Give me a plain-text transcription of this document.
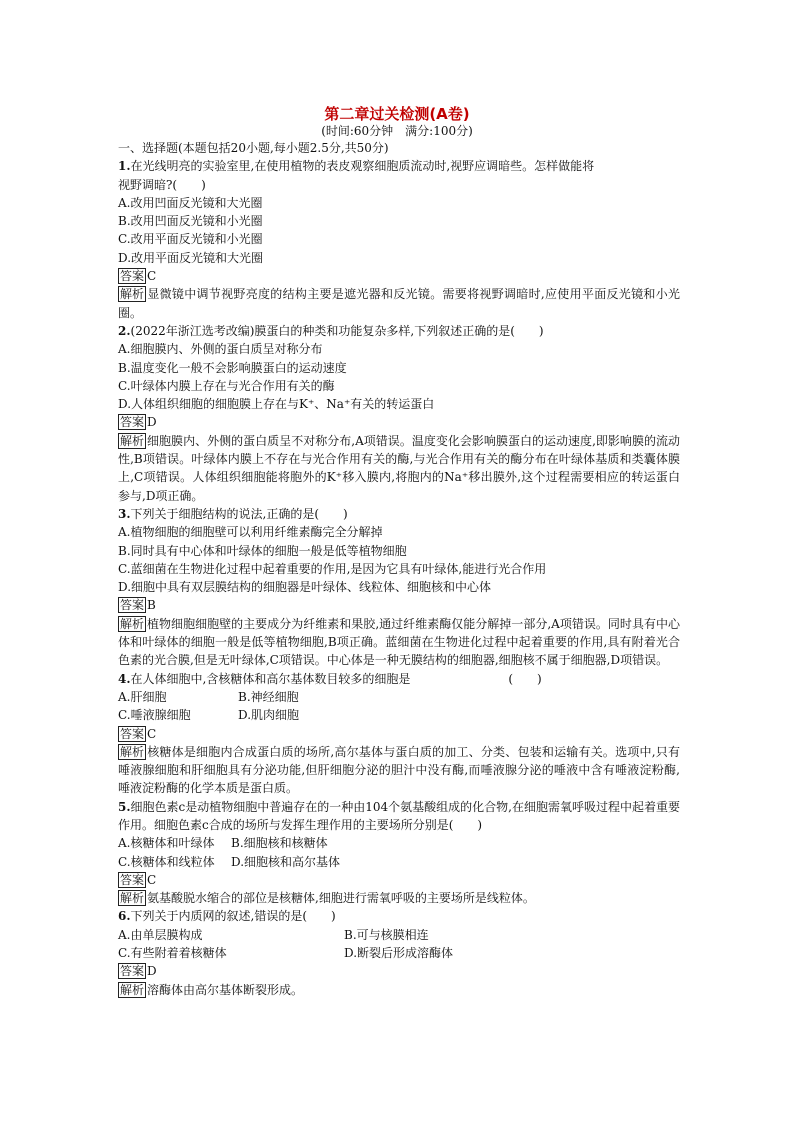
第二章过关检测(A卷)
(时间:60分钟　满分:100分)
一、选择题(本题包括20小题,每小题2.5分,共50分)
1.在光线明亮的实验室里,在使用植物的表皮观察细胞质流动时,视野应调暗些。怎样做能将
视野调暗?(　　)
A.改用凹面反光镜和大光圈
B.改用凹面反光镜和小光圈
C.改用平面反光镜和小光圈
D.改用平面反光镜和大光圈
答案 C
解析 显微镜中调节视野亮度的结构主要是遮光器和反光镜。需要将视野调暗时,应使用平面反光镜和小光圈。
2.(2022年浙江选考改编)膜蛋白的种类和功能复杂多样,下列叙述正确的是(　　)
A.细胞膜内、外侧的蛋白质呈对称分布
B.温度变化一般不会影响膜蛋白的运动速度
C.叶绿体内膜上存在与光合作用有关的酶
D.人体组织细胞的细胞膜上存在与K⁺、Na⁺有关的转运蛋白
答案 D
解析 细胞膜内、外侧的蛋白质呈不对称分布,A项错误。温度变化会影响膜蛋白的运动速度,即影响膜的流动性,B项错误。叶绿体内膜上不存在与光合作用有关的酶,与光合作用有关的酶分布在叶绿体基质和类囊体膜上,C项错误。人体组织细胞能将胞外的K⁺移入膜内,将胞内的Na⁺移出膜外,这个过程需要相应的转运蛋白参与,D项正确。
3.下列关于细胞结构的说法,正确的是(　　)
A.植物细胞的细胞壁可以利用纤维素酶完全分解掉
B.同时具有中心体和叶绿体的细胞一般是低等植物细胞
C.蓝细菌在生物进化过程中起着重要的作用,是因为它具有叶绿体,能进行光合作用
D.细胞中具有双层膜结构的细胞器是叶绿体、线粒体、细胞核和中心体
答案 B
解析 植物细胞细胞壁的主要成分为纤维素和果胶,通过纤维素酶仅能分解掉一部分,A项错误。同时具有中心体和叶绿体的细胞一般是低等植物细胞,B项正确。蓝细菌在生物进化过程中起着重要的作用,具有附着光合色素的光合膜,但是无叶绿体,C项错误。中心体是一种无膜结构的细胞器,细胞核不属于细胞器,D项错误。
4.在人体细胞中,含核糖体和高尔基体数目较多的细胞是	(　　)
A.肝细胞	B.神经细胞
C.唾液腺细胞	D.肌肉细胞
答案 C
解析 核糖体是细胞内合成蛋白质的场所,高尔基体与蛋白质的加工、分类、包装和运输有关。选项中,只有唾液腺细胞和肝细胞具有分泌功能,但肝细胞分泌的胆汁中没有酶,而唾液腺分泌的唾液中含有唾液淀粉酶,唾液淀粉酶的化学本质是蛋白质。
5.细胞色素c是动植物细胞中普遍存在的一种由104个氨基酸组成的化合物,在细胞需氧呼吸过程中起着重要作用。细胞色素c合成的场所与发挥生理作用的主要场所分别是(　　)
A.核糖体和叶绿体	B.细胞核和核糖体
C.核糖体和线粒体	D.细胞核和高尔基体
答案 C
解析 氨基酸脱水缩合的部位是核糖体,细胞进行需氧呼吸的主要场所是线粒体。
6.下列关于内质网的叙述,错误的是(　　)
A.由单层膜构成	B.可与核膜相连
C.有些附着着核糖体	D.断裂后形成溶酶体
答案 D
解析 溶酶体由高尔基体断裂形成。
